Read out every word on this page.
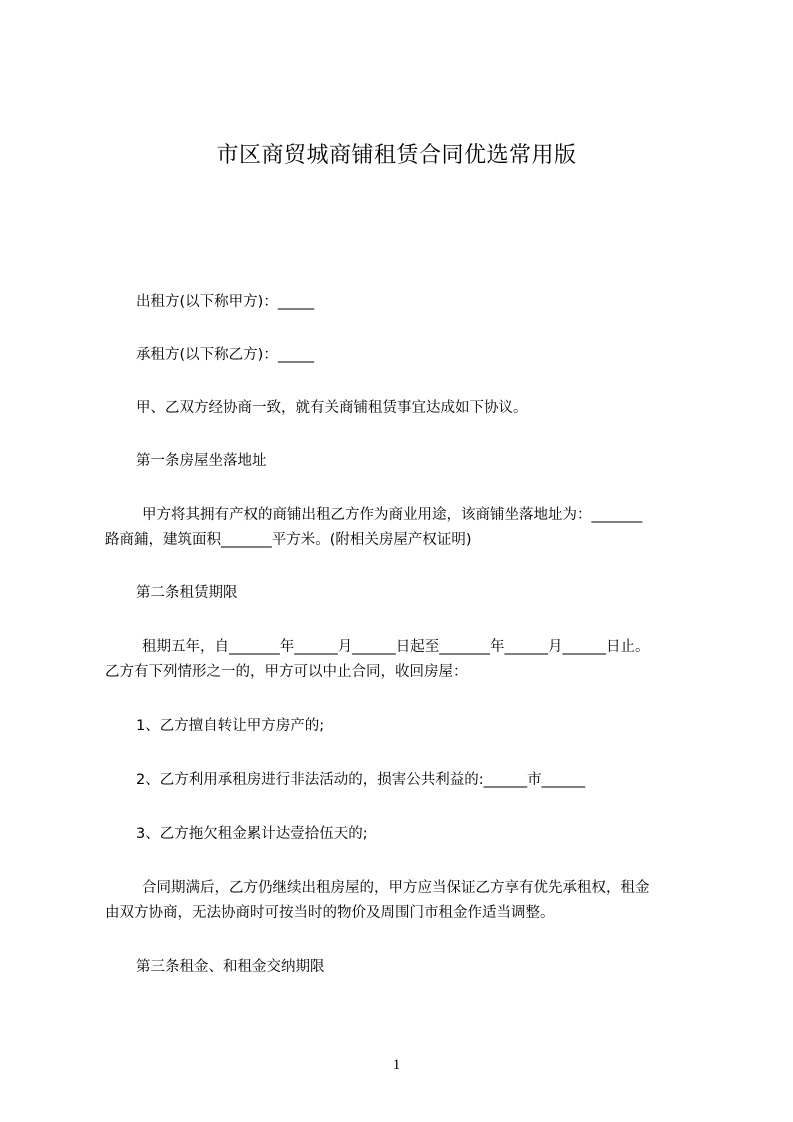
市区商贸城商铺租赁合同优选常用版
出租方(以下称甲方)：_____
承租方(以下称乙方)：_____
甲、乙双方经协商一致，就有关商铺租赁事宜达成如下协议。
第一条房屋坐落地址
甲方将其拥有产权的商铺出租乙方作为商业用途，该商铺坐落地址为：_______
路商鋪，建筑面积_______平方米。(附相关房屋产权证明)
第二条租赁期限
租期五年，自_______年______月______日起至_______年______月______日止。
乙方有下列情形之一的，甲方可以中止合同，收回房屋：
1、乙方擅自转让甲方房产的;
2、乙方利用承租房进行非法活动的，损害公共利益的:______市______
3、乙方拖欠租金累计达壹拾伍天的;
合同期满后，乙方仍继续出租房屋的，甲方应当保证乙方享有优先承租权，租金
由双方协商，无法协商时可按当时的物价及周围门市租金作适当调整。
第三条租金、和租金交纳期限
1
